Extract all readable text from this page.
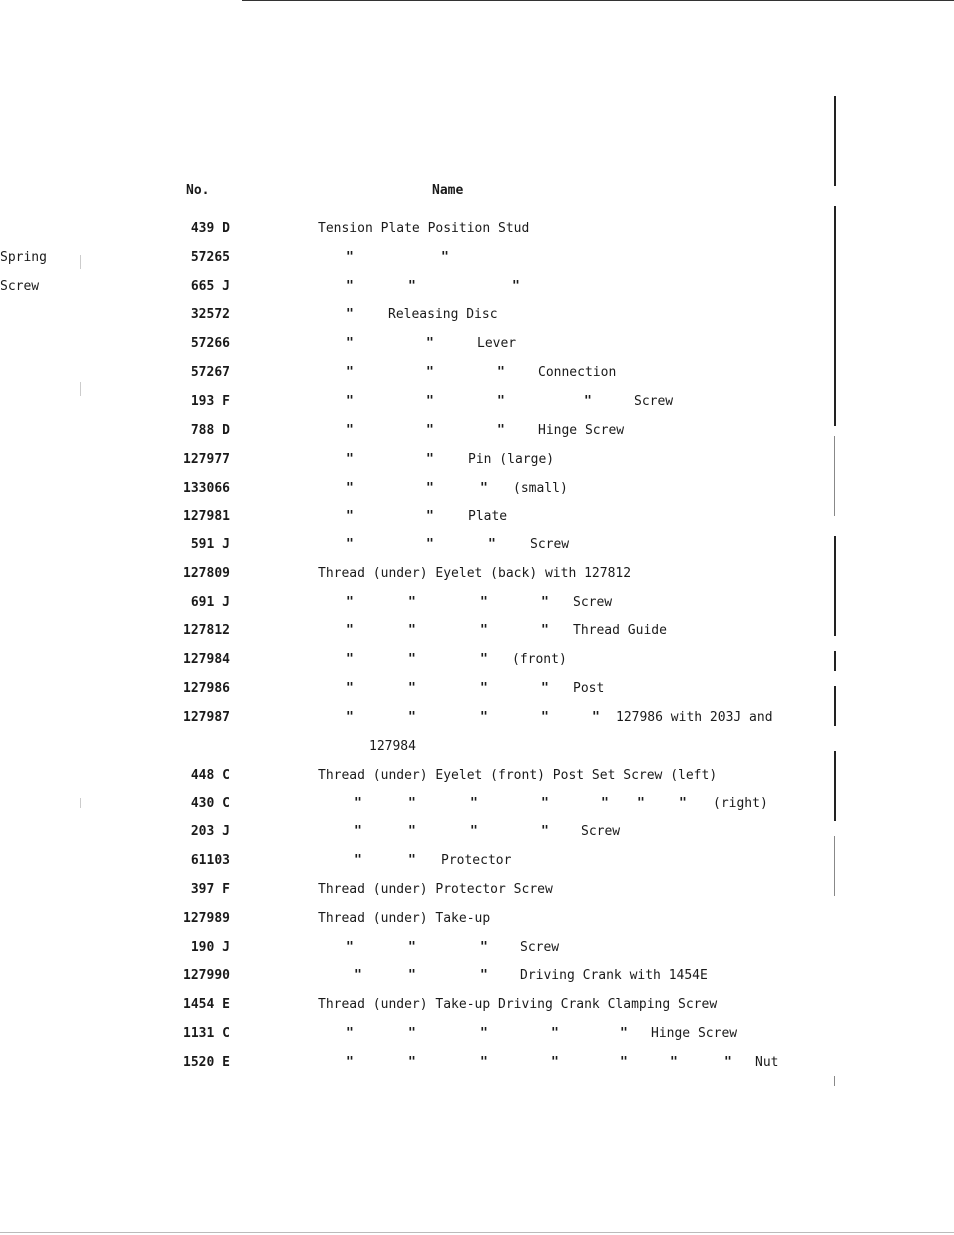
No.	Name
439 D	Tension Plate Position Stud
57265	"	"
Spring
665 J	"	"	"
Screw
32572	"	Releasing Disc
57266	"	"	Lever
57267	"	"	"	Connection
193 F	"	"	"	"	Screw
788 D	"	"	"	Hinge Screw
127977	"	"	Pin (large)
133066	"	"	" (small)
127981	"	"	Plate
591 J	"	"	"	Screw
127809	Thread (under) Eyelet (back) with 127812
691 J	"	"	"	" Screw
127812	"	"	"	" Thread Guide
127984	"	"	" (front)
127986	"	"	"	" Post
127987	"	"	"	"	" 127986 with 203J and
127984
448 C	Thread (under) Eyelet (front) Post Set Screw (left)
430 C	"	"	"	"	" "	" (right)
203 J	"	"	"	" Screw
61103	"	" Protector
397 F	Thread (under) Protector Screw
127989	Thread (under) Take-up
190 J	"	"	" Screw
127990	"	"	" Driving Crank with 1454E
1454 E	Thread (under) Take-up Driving Crank Clamping Screw
1131 C	"	"	"	"	" Hinge Screw
1520 E	"	"	"	"	"	"	" Nut
